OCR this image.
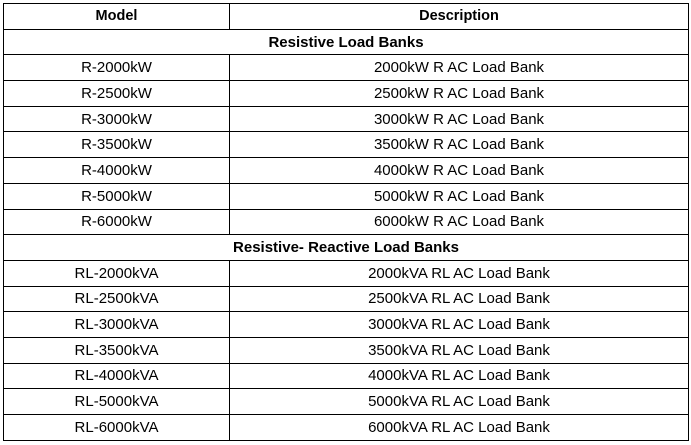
Model	Description
Resistive Load Banks	
R-2000kW	2000kW R AC Load Bank
R-2500kW	2500kW R AC Load Bank
R-3000kW	3000kW R AC Load Bank
R-3500kW	3500kW R AC Load Bank
R-4000kW	4000kW R AC Load Bank
R-5000kW	5000kW R AC Load Bank
R-6000kW	6000kW R AC Load Bank
Resistive- Reactive Load Banks	
RL-2000kVA	2000kVA RL AC Load Bank
RL-2500kVA	2500kVA RL AC Load Bank
RL-3000kVA	3000kVA RL AC Load Bank
RL-3500kVA	3500kVA RL AC Load Bank
RL-4000kVA	4000kVA RL AC Load Bank
RL-5000kVA	5000kVA RL AC Load Bank
RL-6000kVA	6000kVA RL AC Load Bank
